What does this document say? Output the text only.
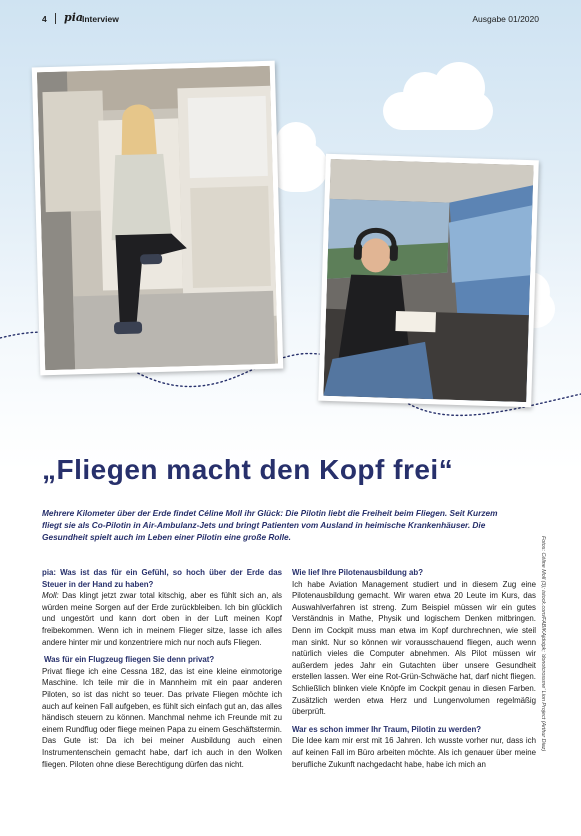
4 pia Interview	Ausgabe 01/2020
„Fliegen macht den Kopf frei“

Mehrere Kilometer über der Erde findet Céline Moll ihr Glück: Die Pilotin liebt die Freiheit beim Fliegen. Seit Kurzem fliegt sie als Co-Pilotin in Air-Ambulanz-Jets und bringt Patienten vom Ausland in heimische Krankenhäuser. Die Gesundheit spielt auch im Leben einer Pilotin eine große Rolle.

pia: Was ist das für ein Gefühl, so hoch über der Erde das Steuer in der Hand zu haben?

Moll: Das klingt jetzt zwar total kitschig, aber es fühlt sich an, als würden meine Sorgen auf der Erde zurückbleiben. Ich bin glücklich und ungestört und kann dort oben in der Luft meinen Kopf freibekommen. Wenn ich in meinem Flieger sitze, lasse ich alles andere hinter mir und konzentriere mich nur noch aufs Fliegen.

Was für ein Flugzeug fliegen Sie denn privat?

Privat fliege ich eine Cessna 182, das ist eine kleine einmotorige Maschine. Ich teile mir die in Mannheim mit ein paar anderen Piloten, so ist das nicht so teuer. Das private Fliegen möchte ich auch auf keinen Fall aufgeben, es fühlt sich einfach gut an, das alles händisch steuern zu können. Manchmal nehme ich Freunde mit zu einem Rundflug oder fliege meinen Papa zu einem Geschäftstermin. Das Gute ist: Da ich bei meiner Ausbildung auch einen Instrumentenschein gemacht habe, darf ich auch in den Wolken fliegen. Piloten ohne diese Berechtigung dürfen das nicht.

Wie lief Ihre Pilotenausbildung ab?

Ich habe Aviation Management studiert und in diesem Zug eine Pilotenausbildung gemacht. Wir waren etwa 20 Leute im Kurs, das Auswahlverfahren ist streng. Zum Beispiel müssen wir ein gutes Verständnis in Mathe, Physik und logischem Denken mitbringen. Denn im Cockpit muss man etwa im Kopf durchrechnen, wie steil man sinkt. Nur so können wir vorausschauend fliegen, auch wenn natürlich vieles die Computer abnehmen. Als Pilot müssen wir außerdem jedes Jahr ein Gutachten über unsere Gesundheit erstellen lassen. Wer eine Rot-Grün-Schwäche hat, darf nicht fliegen. Schließlich blinken viele Knöpfe im Cockpit genau in diesen Farben. Zusätzlich werden etwa Herz und Lungenvolumen regelmäßig überprüft.

War es schon immer Ihr Traum, Pilotin zu werden?

Die Idee kam mir erst mit 16 Jahren. Ich wusste vorher nur, dass ich auf keinen Fall im Büro arbeiten möchte. Als ich genauer über meine berufliche Zukunft nachgedacht habe, habe ich mich an

Fotos: Céline Moll (3); istock.com/FABIKAjdotpk; 'donotcrossme' Lion Project (Arthur Diaz)
